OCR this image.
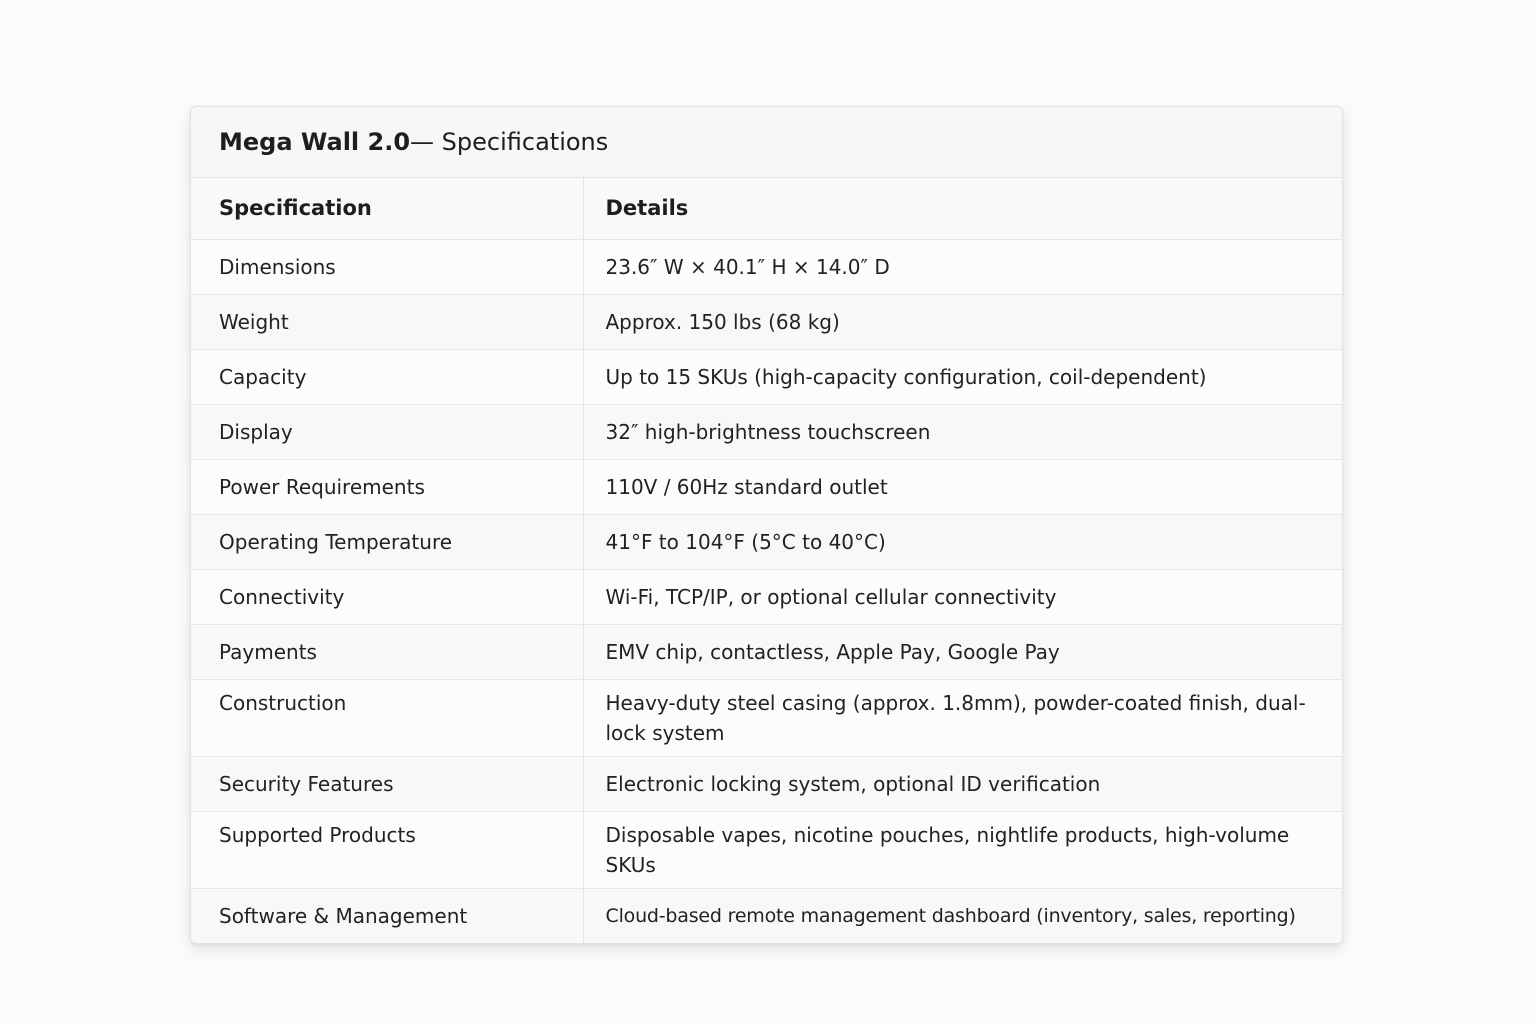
Mega Wall 2.0 — Specifications
Specification	Details
Dimensions	23.6″ W × 40.1″ H × 14.0″ D
Weight	Approx. 150 lbs (68 kg)
Capacity	Up to 15 SKUs (high-capacity configuration, coil-dependent)
Display	32″ high-brightness touchscreen
Power Requirements	110V / 60Hz standard outlet
Operating Temperature	41°F to 104°F (5°C to 40°C)
Connectivity	Wi-Fi, TCP/IP, or optional cellular connectivity
Payments	EMV chip, contactless, Apple Pay, Google Pay
Construction	Heavy-duty steel casing (approx. 1.8mm), powder-coated finish, dual-lock system
Security Features	Electronic locking system, optional ID verification
Supported Products	Disposable vapes, nicotine pouches, nightlife products, high-volume SKUs
Software & Management	Cloud-based remote management dashboard (inventory, sales, reporting)
